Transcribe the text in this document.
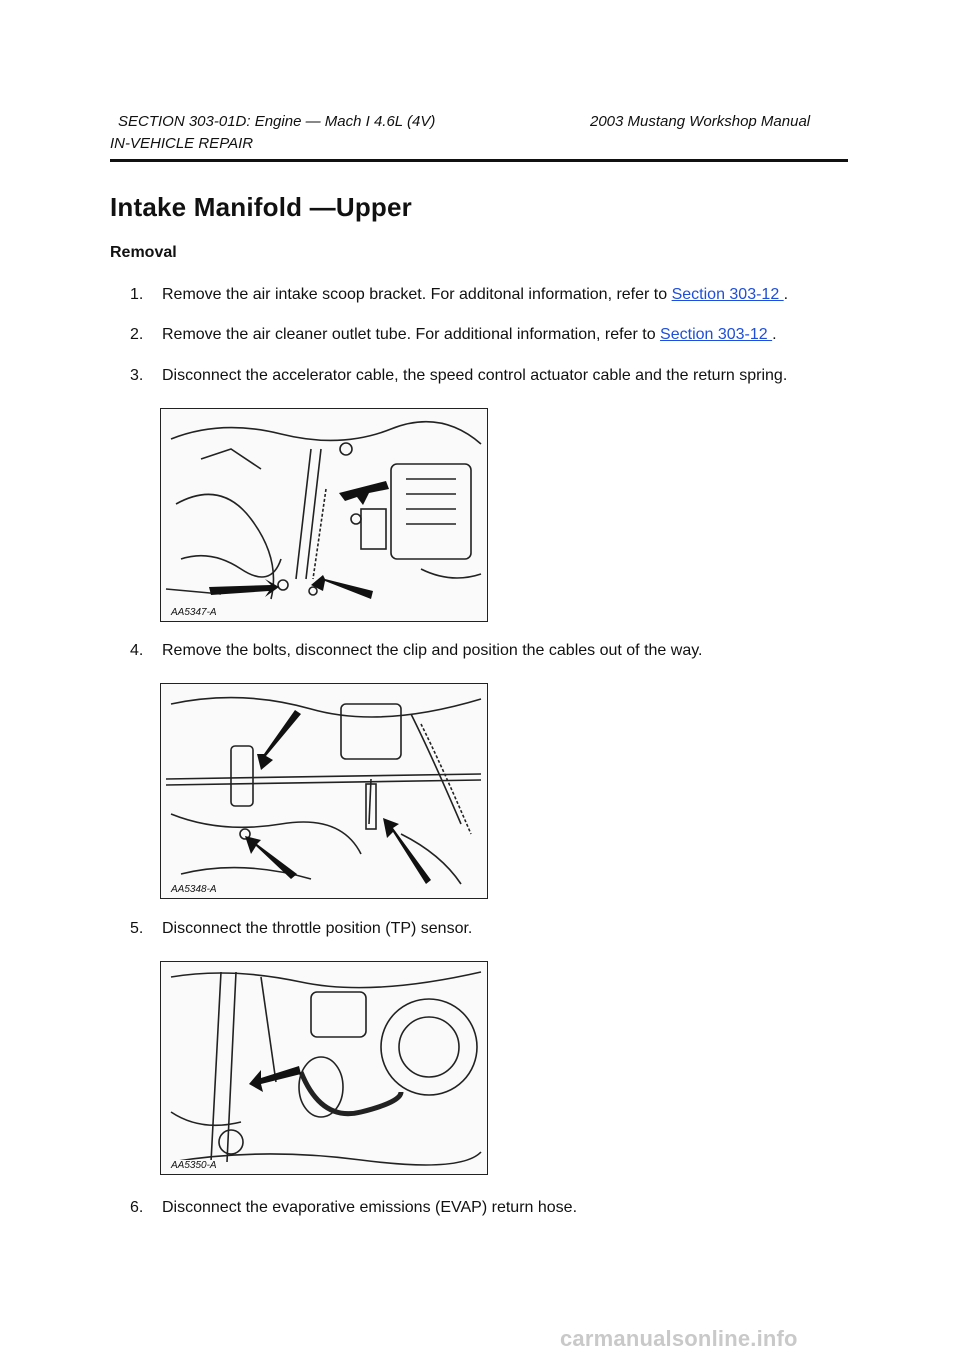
SECTION 303-01D: Engine — Mach I 4.6L (4V)	2003 Mustang Workshop Manual
IN-VEHICLE REPAIR
Intake Manifold —Upper
Removal
1. Remove the air intake scoop bracket. For additonal information, refer to Section 303-12 .
2. Remove the air cleaner outlet tube. For additional information, refer to Section 303-12 .
3. Disconnect the accelerator cable, the speed control actuator cable and the return spring.
AA5347-A
4. Remove the bolts, disconnect the clip and position the cables out of the way.
AA5348-A
5. Disconnect the throttle position (TP) sensor.
AA5350-A
6. Disconnect the evaporative emissions (EVAP) return hose.
carmanualsonline.info
